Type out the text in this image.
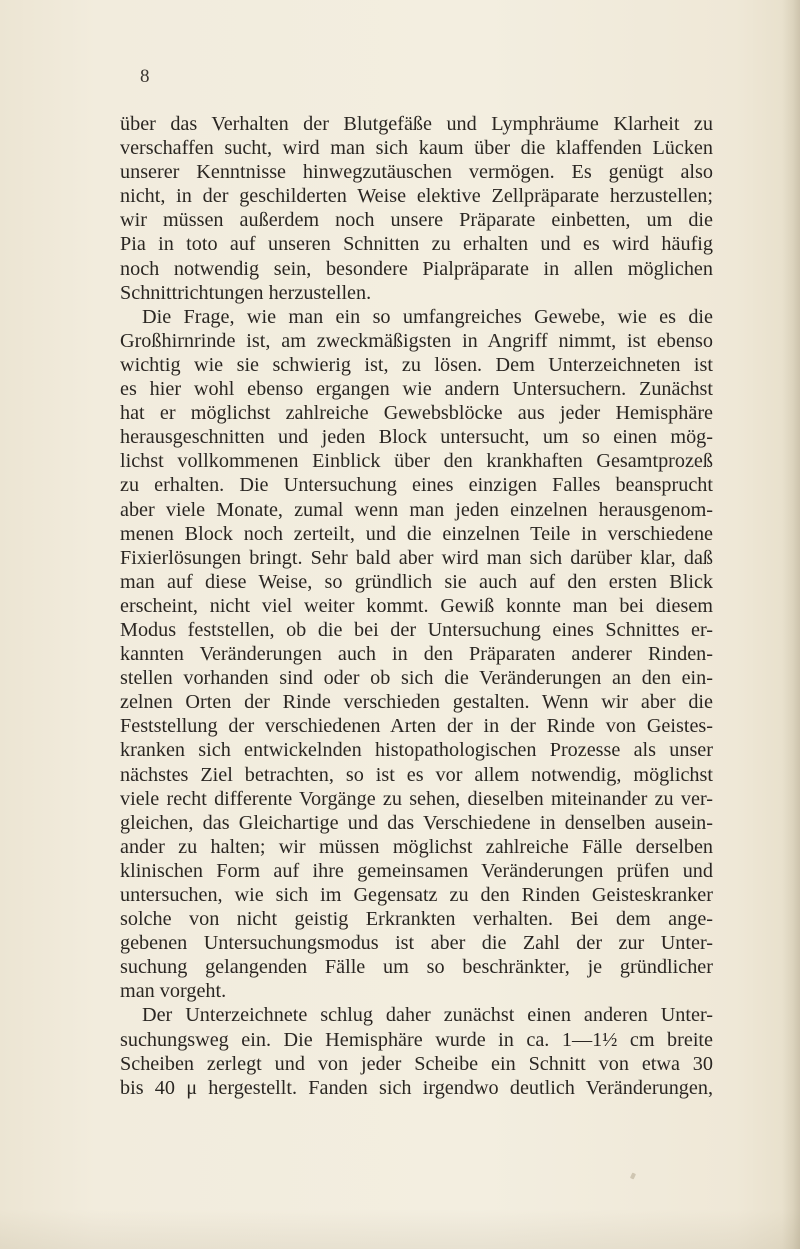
8
über das Verhalten der Blutgefäße und Lymphräume Klarheit zu
verschaffen sucht, wird man sich kaum über die klaffenden Lücken
unserer Kenntnisse hinwegzutäuschen vermögen. Es genügt also
nicht, in der geschilderten Weise elektive Zellpräparate herzustellen;
wir müssen außerdem noch unsere Präparate einbetten, um die
Pia in toto auf unseren Schnitten zu erhalten und es wird häufig
noch notwendig sein, besondere Pialpräparate in allen möglichen
Schnittrichtungen herzustellen.
Die Frage, wie man ein so umfangreiches Gewebe, wie es die
Großhirnrinde ist, am zweckmäßigsten in Angriff nimmt, ist ebenso
wichtig wie sie schwierig ist, zu lösen. Dem Unterzeichneten ist
es hier wohl ebenso ergangen wie andern Untersuchern. Zunächst
hat er möglichst zahlreiche Gewebsblöcke aus jeder Hemisphäre
herausgeschnitten und jeden Block untersucht, um so einen mög-
lichst vollkommenen Einblick über den krankhaften Gesamtprozeß
zu erhalten. Die Untersuchung eines einzigen Falles beansprucht
aber viele Monate, zumal wenn man jeden einzelnen herausgenom-
menen Block noch zerteilt, und die einzelnen Teile in verschiedene
Fixierlösungen bringt. Sehr bald aber wird man sich darüber klar, daß
man auf diese Weise, so gründlich sie auch auf den ersten Blick
erscheint, nicht viel weiter kommt. Gewiß konnte man bei diesem
Modus feststellen, ob die bei der Untersuchung eines Schnittes er-
kannten Veränderungen auch in den Präparaten anderer Rinden-
stellen vorhanden sind oder ob sich die Veränderungen an den ein-
zelnen Orten der Rinde verschieden gestalten. Wenn wir aber die
Feststellung der verschiedenen Arten der in der Rinde von Geistes-
kranken sich entwickelnden histopathologischen Prozesse als unser
nächstes Ziel betrachten, so ist es vor allem notwendig, möglichst
viele recht differente Vorgänge zu sehen, dieselben miteinander zu ver-
gleichen, das Gleichartige und das Verschiedene in denselben ausein-
ander zu halten; wir müssen möglichst zahlreiche Fälle derselben
klinischen Form auf ihre gemeinsamen Veränderungen prüfen und
untersuchen, wie sich im Gegensatz zu den Rinden Geisteskranker
solche von nicht geistig Erkrankten verhalten. Bei dem ange-
gebenen Untersuchungsmodus ist aber die Zahl der zur Unter-
suchung gelangenden Fälle um so beschränkter, je gründlicher
man vorgeht.
Der Unterzeichnete schlug daher zunächst einen anderen Unter-
suchungsweg ein. Die Hemisphäre wurde in ca. 1—1½ cm breite
Scheiben zerlegt und von jeder Scheibe ein Schnitt von etwa 30
bis 40 μ hergestellt. Fanden sich irgendwo deutlich Veränderungen,
